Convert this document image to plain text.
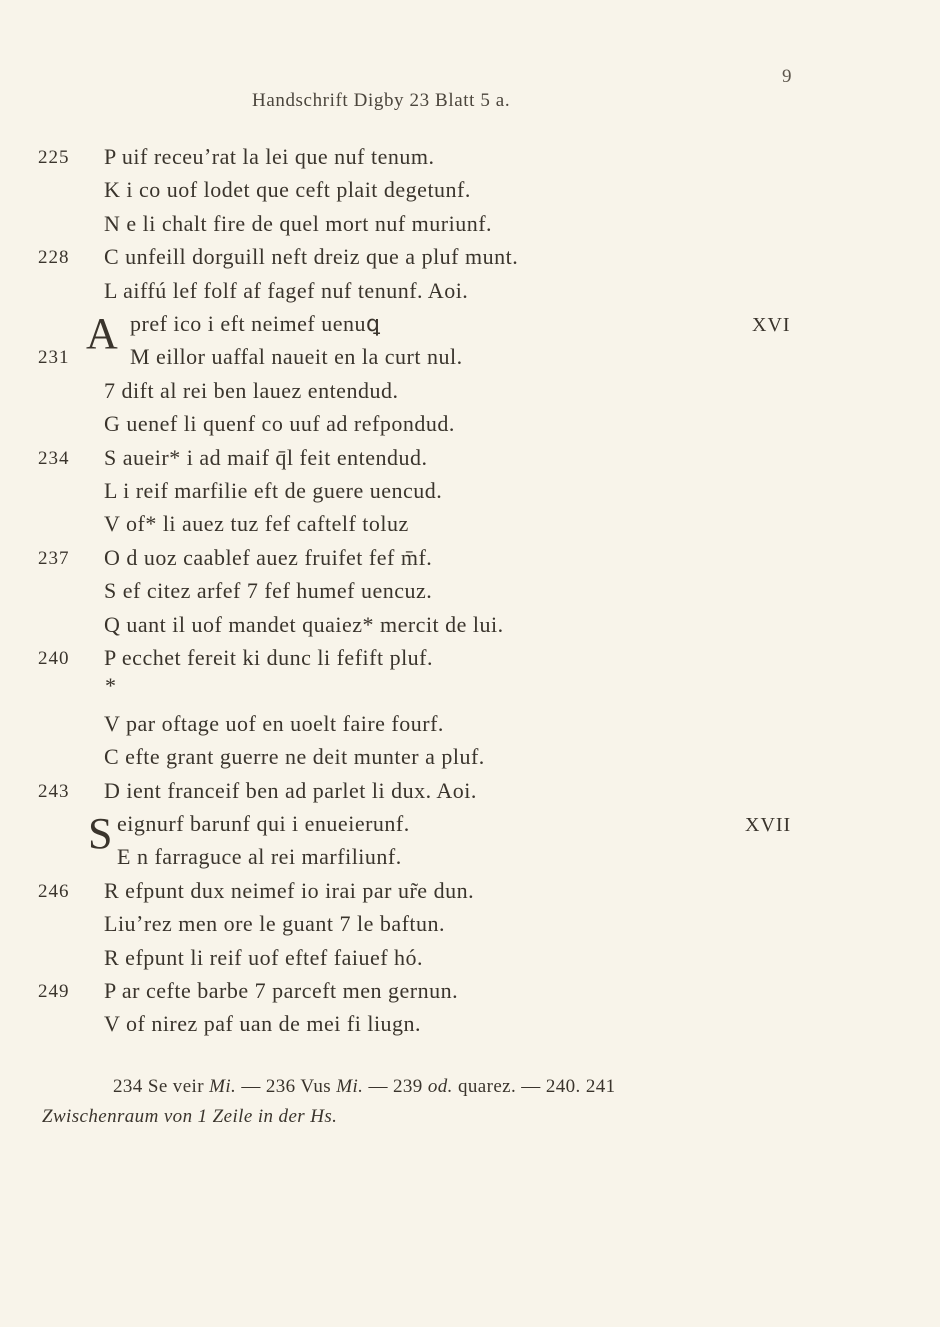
9
Handschrift Digby 23 Blatt 5 a.
P uif receuʼrat la lei que nuf tenum.
K i co uof lodet que ceft plait degetunf.
N e li chalt fire de quel mort nuf muriunf.
C unfeill dorguill neft dreiz que a pluf munt.
L aiffú lef folf af fagef nuf tenunf. Aoi.
pref ico i eft neimef uenuꝗ
M eillor uaffal naueit en la curt nul.
7 dift al rei ben lauez entendud.
G uenef li quenf co uuf ad refpondud.
S aueir* i ad maif q̄l feit entendud.
L i reif marfilie eft de guere uencud.
V of* li auez tuz fef caftelf toluz
O d uoz caablef auez fruifet fef m̄f.
S ef citez arfef 7 fef humef uencuz.
Q uant il uof mandet quaiez* mercit de lui.
P ecchet fereit ki dunc li fefift pluf.
*
V par oftage uof en uoelt faire fourf.
C efte grant guerre ne deit munter a pluf.
D ient franceif ben ad parlet li dux. Aoi.
eignurf barunf qui i enueierunf.
E n farraguce al rei marfiliunf.
R efpunt dux neimef io irai par ur̃e dun.
Liuʼrez men ore le guant 7 le baftun.
R efpunt li reif uof eftef faiuef hó.
P ar cefte barbe 7 parceft men gernun.
V of nirez paf uan de mei fi liugn.
A
S
225
228
231
234
237
240
243
246
249
XVI
XVII
234 Se veir Mi. — 236 Vus Mi. — 239 od. quarez. — 240. 241
Zwischenraum von 1 Zeile in der Hs.
